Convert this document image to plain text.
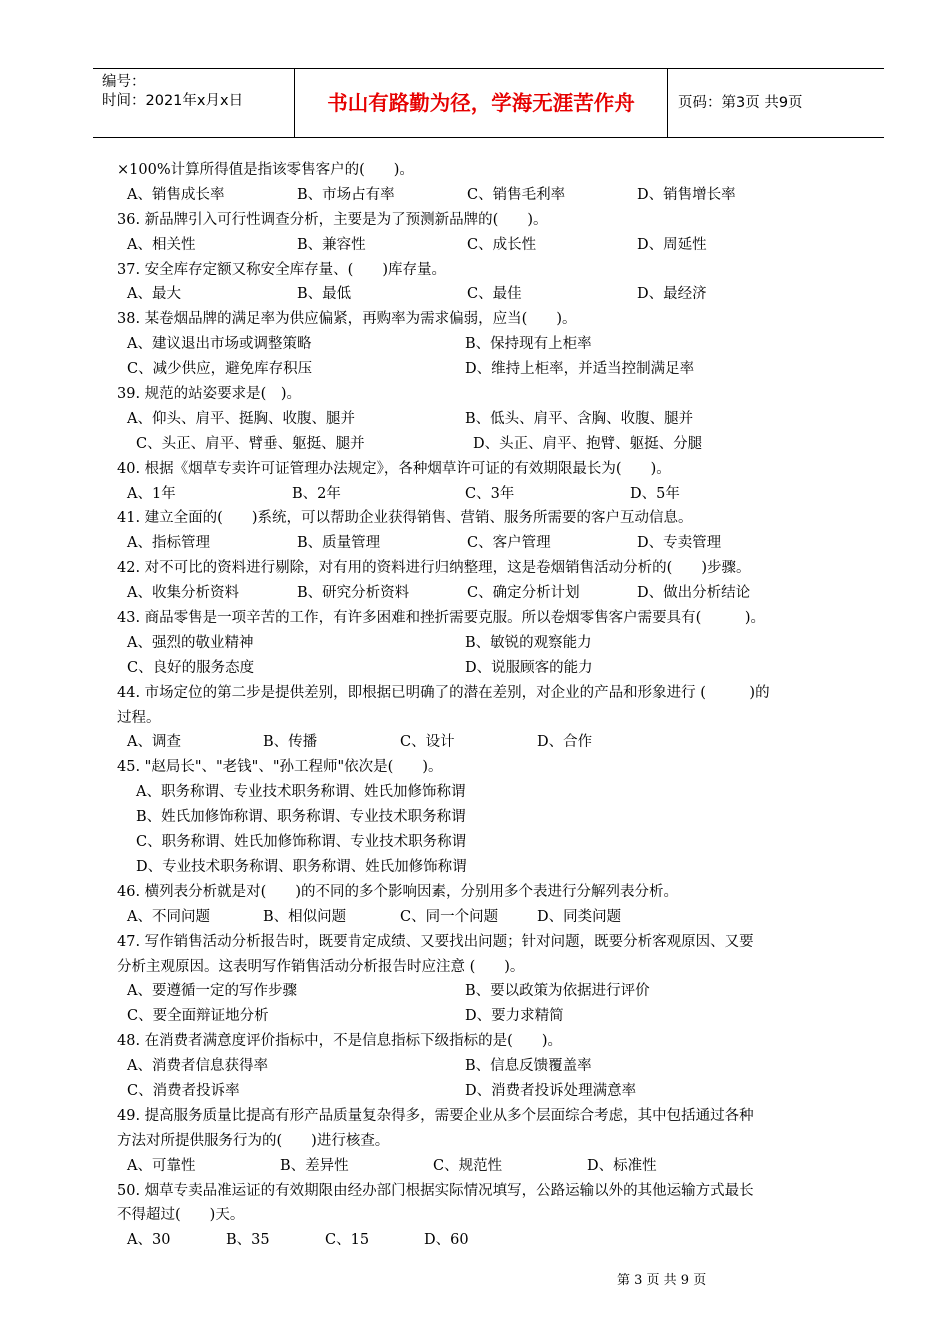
编号：
时间：2021年x月x日	书山有路勤为径，学海无涯苦作舟	页码：第3页 共9页
×100%计算所得值是指该零售客户的(　　)。
A、销售成长率	B、市场占有率	C、销售毛利率	D、销售增长率
36. 新品牌引入可行性调查分析，主要是为了预测新品牌的(　　)。
A、相关性	B、兼容性	C、成长性	D、周延性
37. 安全库存定额又称安全库存量、(　　)库存量。
A、最大	B、最低	C、最佳	D、最经济
38. 某卷烟品牌的满足率为供应偏紧，再购率为需求偏弱，应当(　　)。
A、建议退出市场或调整策略	B、保持现有上柜率
C、减少供应，避免库存积压	D、维持上柜率，并适当控制满足率
39. 规范的站姿要求是(　)。
A、仰头、肩平、挺胸、收腹、腿并	B、低头、肩平、含胸、收腹、腿并
C、头正、肩平、臂垂、躯挺、腿并	D、头正、肩平、抱臂、躯挺、分腿
40. 根据《烟草专卖许可证管理办法规定》，各种烟草许可证的有效期限最长为(　　)。
A、1年	B、2年	C、3年	D、5年
41. 建立全面的(　　)系统，可以帮助企业获得销售、营销、服务所需要的客户互动信息。
A、指标管理	B、质量管理	C、客户管理	D、专卖管理
42. 对不可比的资料进行剔除，对有用的资料进行归纳整理，这是卷烟销售活动分析的(　　)步骤。
A、收集分析资料	B、研究分析资料	C、确定分析计划	D、做出分析结论
43. 商品零售是一项辛苦的工作，有许多困难和挫折需要克服。所以卷烟零售客户需要具有(　　　)。
A、强烈的敬业精神	B、敏锐的观察能力
C、良好的服务态度	D、说服顾客的能力
44. 市场定位的第二步是提供差别，即根据已明确了的潜在差别，对企业的产品和形象进行 (　　　)的
过程。
A、调查	B、传播	C、设计	D、合作
45. "赵局长"、"老钱"、"孙工程师"依次是(　　)。
A、职务称谓、专业技术职务称谓、姓氏加修饰称谓
B、姓氏加修饰称谓、职务称谓、专业技术职务称谓
C、职务称谓、姓氏加修饰称谓、专业技术职务称谓
D、专业技术职务称谓、职务称谓、姓氏加修饰称谓
46. 横列表分析就是对(　　)的不同的多个影响因素，分别用多个表进行分解列表分析。
A、不同问题	B、相似问题	C、同一个问题	D、同类问题
47. 写作销售活动分析报告时，既要肯定成绩、又要找出问题；针对问题，既要分析客观原因、又要
分析主观原因。这表明写作销售活动分析报告时应注意 (　　)。
A、要遵循一定的写作步骤	B、要以政策为依据进行评价
C、要全面辩证地分析	D、要力求精简
48. 在消费者满意度评价指标中，不是信息指标下级指标的是(　　)。
A、消费者信息获得率	B、信息反馈覆盖率
C、消费者投诉率	D、消费者投诉处理满意率
49. 提高服务质量比提高有形产品质量复杂得多，需要企业从多个层面综合考虑，其中包括通过各种
方法对所提供服务行为的(　　)进行核查。
A、可靠性	B、差异性	C、规范性	D、标准性
50. 烟草专卖品准运证的有效期限由经办部门根据实际情况填写，公路运输以外的其他运输方式最长
不得超过(　　)天。
A、30	B、35	C、15	D、60
第 3 页 共 9 页
